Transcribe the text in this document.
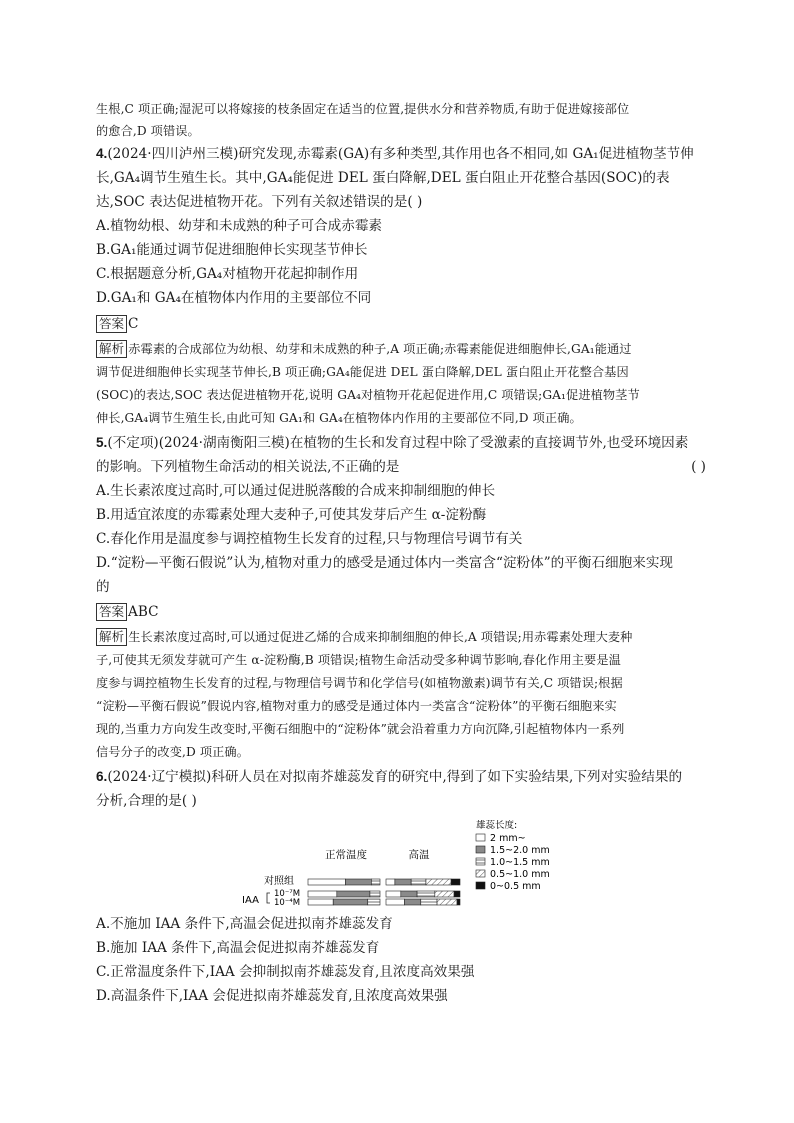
生根,C 项正确;湿泥可以将嫁接的枝条固定在适当的位置,提供水分和营养物质,有助于促进嫁接部位
的愈合,D 项错误。
4.(2024·四川泸州三模)研究发现,赤霉素(GA)有多种类型,其作用也各不相同,如 GA₁促进植物茎节伸
长,GA₄调节生殖生长。其中,GA₄能促进 DEL 蛋白降解,DEL 蛋白阻止开花整合基因(SOC)的表
达,SOC 表达促进植物开花。下列有关叙述错误的是( )
A.植物幼根、幼芽和未成熟的种子可合成赤霉素
B.GA₁能通过调节促进细胞伸长实现茎节伸长
C.根据题意分析,GA₄对植物开花起抑制作用
D.GA₁和 GA₄在植物体内作用的主要部位不同
答案 C
解析 赤霉素的合成部位为幼根、幼芽和未成熟的种子,A 项正确;赤霉素能促进细胞伸长,GA₁能通过
调节促进细胞伸长实现茎节伸长,B 项正确;GA₄能促进 DEL 蛋白降解,DEL 蛋白阻止开花整合基因
(SOC)的表达,SOC 表达促进植物开花,说明 GA₄对植物开花起促进作用,C 项错误;GA₁促进植物茎节
伸长,GA₄调节生殖生长,由此可知 GA₁和 GA₄在植物体内作用的主要部位不同,D 项正确。
5.(不定项)(2024·湖南衡阳三模)在植物的生长和发育过程中除了受激素的直接调节外,也受环境因素
的影响。下列植物生命活动的相关说法,不正确的是	( )
A.生长素浓度过高时,可以通过促进脱落酸的合成来抑制细胞的伸长
B.用适宜浓度的赤霉素处理大麦种子,可使其发芽后产生 α-淀粉酶
C.春化作用是温度参与调控植物生长发育的过程,只与物理信号调节有关
D.“淀粉—平衡石假说”认为,植物对重力的感受是通过体内一类富含“淀粉体”的平衡石细胞来实现
的
答案 ABC
解析 生长素浓度过高时,可以通过促进乙烯的合成来抑制细胞的伸长,A 项错误;用赤霉素处理大麦种
子,可使其无须发芽就可产生 α-淀粉酶,B 项错误;植物生命活动受多种调节影响,春化作用主要是温
度参与调控植物生长发育的过程,与物理信号调节和化学信号(如植物激素)调节有关,C 项错误;根据
“淀粉—平衡石假说”假说内容,植物对重力的感受是通过体内一类富含“淀粉体”的平衡石细胞来实
现的,当重力方向发生改变时,平衡石细胞中的“淀粉体”就会沿着重力方向沉降,引起植物体内一系列
信号分子的改变,D 项正确。
6.(2024·辽宁模拟)科研人员在对拟南芥雄蕊发育的研究中,得到了如下实验结果,下列对实验结果的
分析,合理的是( )
正常温度	高温
对照组
IAA
10⁻⁷M
10⁻⁴M
雄蕊长度:
2 mm~
1.5~2.0 mm
1.0~1.5 mm
0.5~1.0 mm
0~0.5 mm
A.不施加 IAA 条件下,高温会促进拟南芥雄蕊发育
B.施加 IAA 条件下,高温会促进拟南芥雄蕊发育
C.正常温度条件下,IAA 会抑制拟南芥雄蕊发育,且浓度高效果强
D.高温条件下,IAA 会促进拟南芥雄蕊发育,且浓度高效果强
